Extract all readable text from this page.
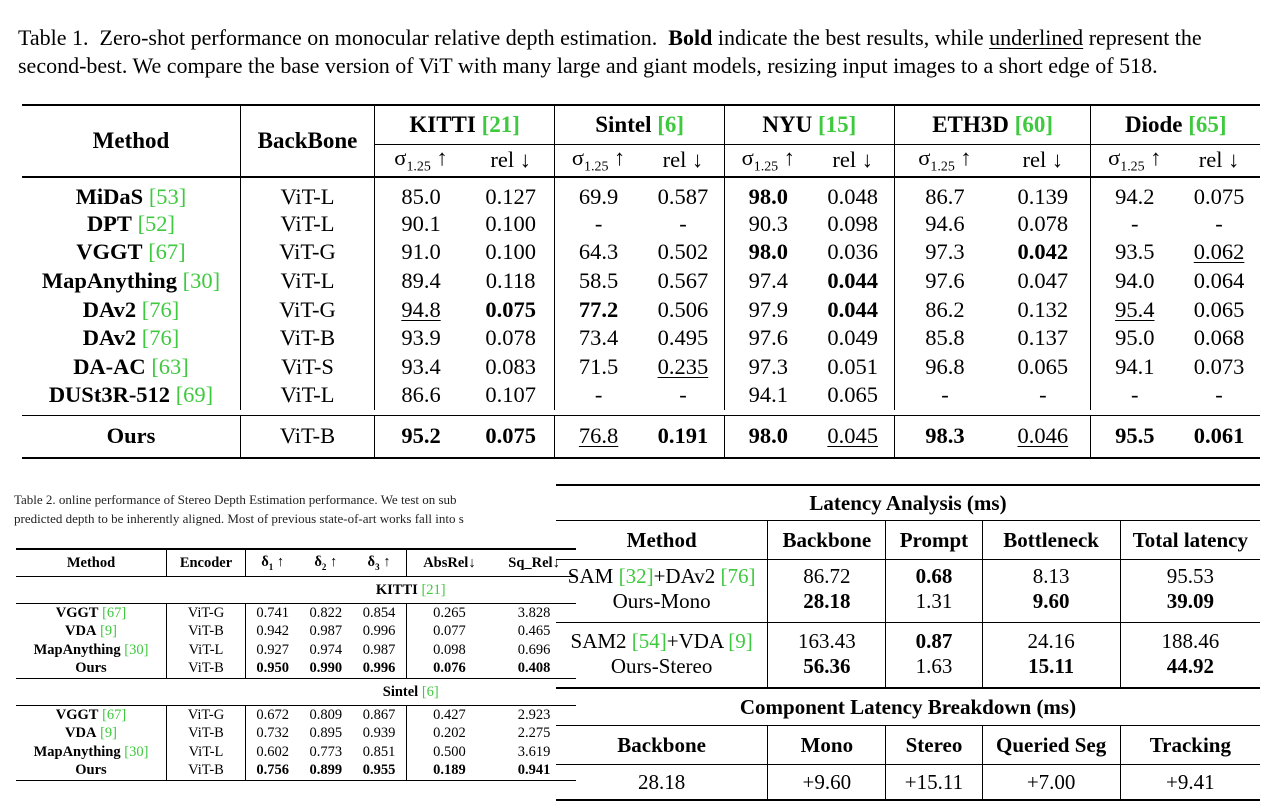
Table 1. Zero-shot performance on monocular relative depth estimation. Bold indicate the best results, while underlined represent the

second-best. We compare the base version of ViT with many large and giant models, resizing input images to a short edge of 518.

Method	BackBone	KITTI [21]		Sintel [6]		NYU [15]		ETH3D [60]		Diode [65]	
		$\sigma_{1.25}$ ↑	rel ↓	$\sigma_{1.25}$ ↑	rel ↓	$\sigma_{1.25}$ ↑	rel ↓	$\sigma_{1.25}$ ↑	rel ↓	$\sigma_{1.25}$ ↑	rel ↓
MiDaS [53]	ViT-L	85.0	0.127	69.9	0.587	98.0	0.048	86.7	0.139	94.2	0.075
DPT [52]	ViT-L	90.1	0.100	-	-	90.3	0.098	94.6	0.078	-	-
VGGT [67]	ViT-G	91.0	0.100	64.3	0.502	98.0	0.036	97.3	0.042	93.5	0.062
MapAnything [30]	ViT-L	89.4	0.118	58.5	0.567	97.4	0.044	97.6	0.047	94.0	0.064
DAv2 [76]	ViT-G	94.8	0.075	77.2	0.506	97.9	0.044	86.2	0.132	95.4	0.065
DAv2 [76]	ViT-B	93.9	0.078	73.4	0.495	97.6	0.049	85.8	0.137	95.0	0.068
DA-AC [63]	ViT-S	93.4	0.083	71.5	0.235	97.3	0.051	96.8	0.065	94.1	0.073
DUSt3R-512 [69]	ViT-L	86.6	0.107	-	-	94.1	0.065	-	-	-	-

Ours	ViT-B	95.2	0.075	76.8	0.191	98.0	0.045	98.3	0.046	95.5	0.061
Table 2. online performance of Stereo Depth Estimation performance. We test on sub
predicted depth to be inherently aligned. Most of previous state-of-art works fall into s
Method	Encoder	$\delta_1$ ↑	$\delta_2$ ↑	$\delta_3$ ↑	AbsRel↓	Sq_Rel↓
		KITTI [21]				
VGGT [67]	ViT-G	0.741	0.822	0.854	0.265	3.828
VDA [9]	ViT-B	0.942	0.987	0.996	0.077	0.465
MapAnything [30]	ViT-L	0.927	0.974	0.987	0.098	0.696
Ours	ViT-B	0.950	0.990	0.996	0.076	0.408
		Sintel [6]				
VGGT [67]	ViT-G	0.672	0.809	0.867	0.427	2.923
VDA [9]	ViT-B	0.732	0.895	0.939	0.202	2.275
MapAnything [30]	ViT-L	0.602	0.773	0.851	0.500	3.619
Ours	ViT-B	0.756	0.899	0.955	0.189	0.941
Latency Analysis (ms)				
Method	Backbone	Prompt	Bottleneck	Total latency
SAM [32]+DAv2 [76]	86.72	0.68	8.13	95.53
Ours-Mono	28.18	1.31	9.60	39.09
SAM2 [54]+VDA [9]	163.43	0.87	24.16	188.46
Ours-Stereo	56.36	1.63	15.11	44.92
Component Latency Breakdown (ms)				
Backbone	Mono	Stereo	Queried Seg	Tracking
28.18	+9.60	+15.11	+7.00	+9.41
